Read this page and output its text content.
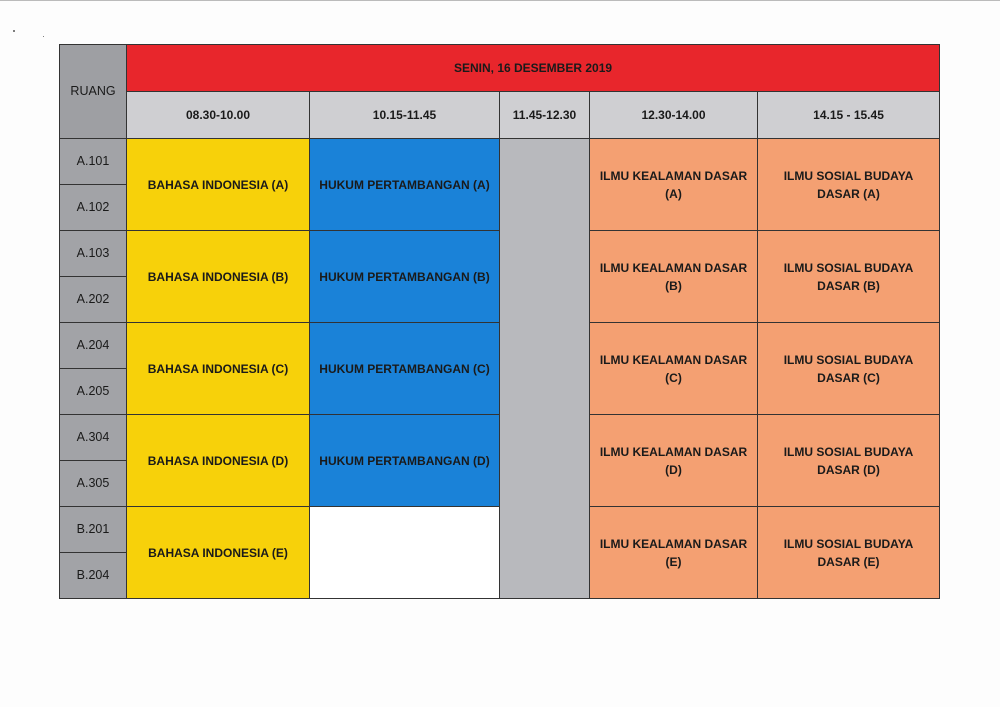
RUANG	SENIN, 16 DESEMBER 2019				
	08.30-10.00	10.15-11.45	11.45-12.30	12.30-14.00	14.15 - 15.45
A.101	BAHASA INDONESIA (A)	HUKUM PERTAMBANGAN (A)		ILMU KEALAMAN DASAR (A)	ILMU SOSIAL BUDAYA DASAR (A)
A.102					
A.103	BAHASA INDONESIA (B)	HUKUM PERTAMBANGAN (B)		ILMU KEALAMAN DASAR (B)	ILMU SOSIAL BUDAYA DASAR (B)
A.202					
A.204	BAHASA INDONESIA (C)	HUKUM PERTAMBANGAN (C)		ILMU KEALAMAN DASAR (C)	ILMU SOSIAL BUDAYA DASAR (C)
A.205					
A.304	BAHASA INDONESIA (D)	HUKUM PERTAMBANGAN (D)		ILMU KEALAMAN DASAR (D)	ILMU SOSIAL BUDAYA DASAR (D)
A.305					
B.201	BAHASA INDONESIA (E)			ILMU KEALAMAN DASAR (E)	ILMU SOSIAL BUDAYA DASAR (E)
B.204					
